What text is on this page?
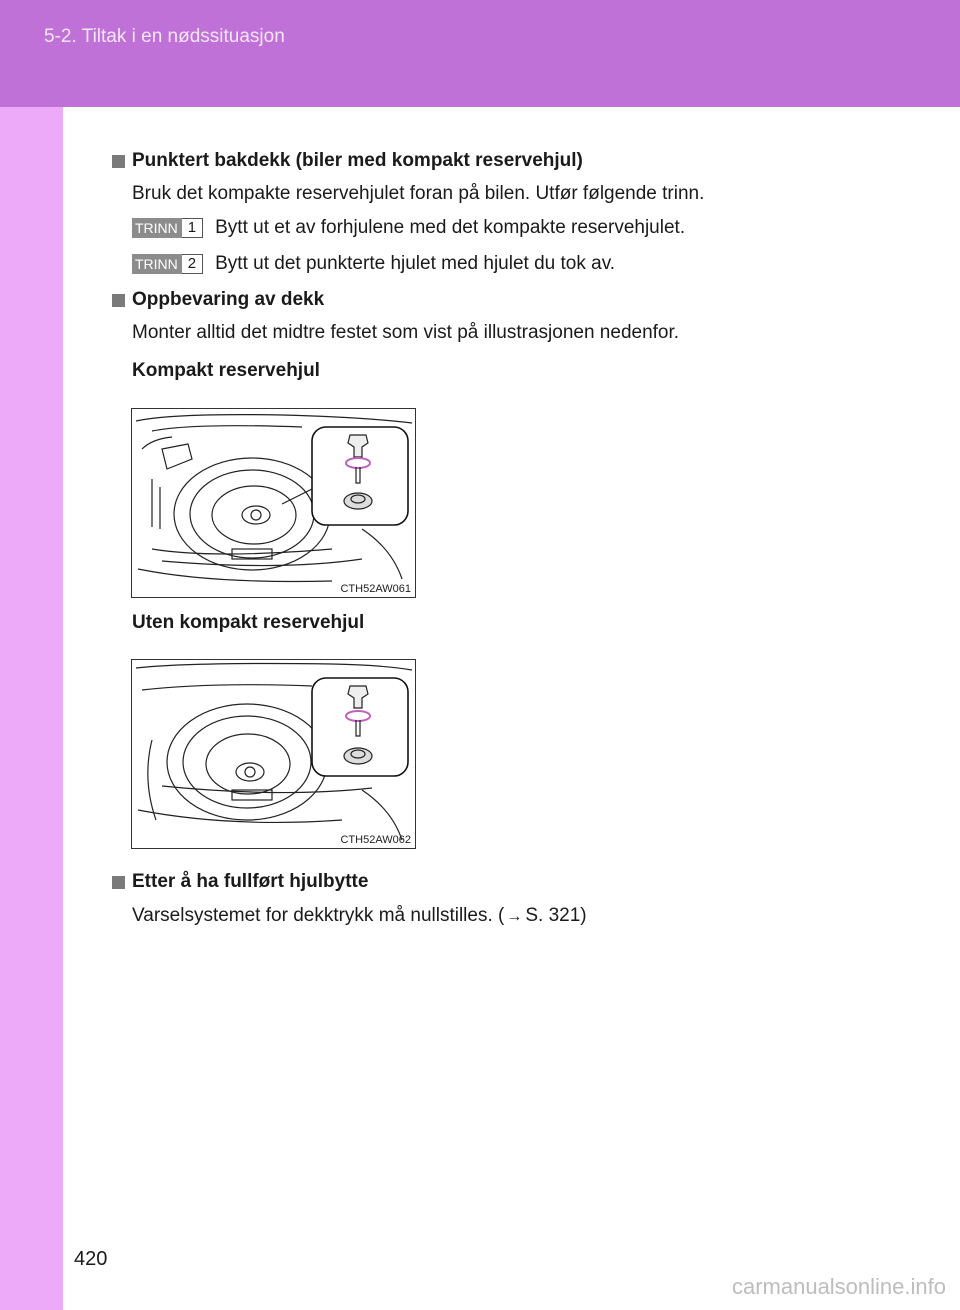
5-2. Tiltak i en nødssituasjon
Punktert bakdekk (biler med kompakt reservehjul)
Bruk det kompakte reservehjulet foran på bilen. Utfør følgende trinn.
TRINN 1	Bytt ut et av forhjulene med det kompakte reservehjulet.
TRINN 2	Bytt ut det punkterte hjulet med hjulet du tok av.
Oppbevaring av dekk
Monter alltid det midtre festet som vist på illustrasjonen nedenfor.
Kompakt reservehjul
CTH52AW061
Uten kompakt reservehjul
CTH52AW062
Etter å ha fullført hjulbytte
Varselsystemet for dekktrykk må nullstilles. ( → S. 321)
420
carmanualsonline.info
